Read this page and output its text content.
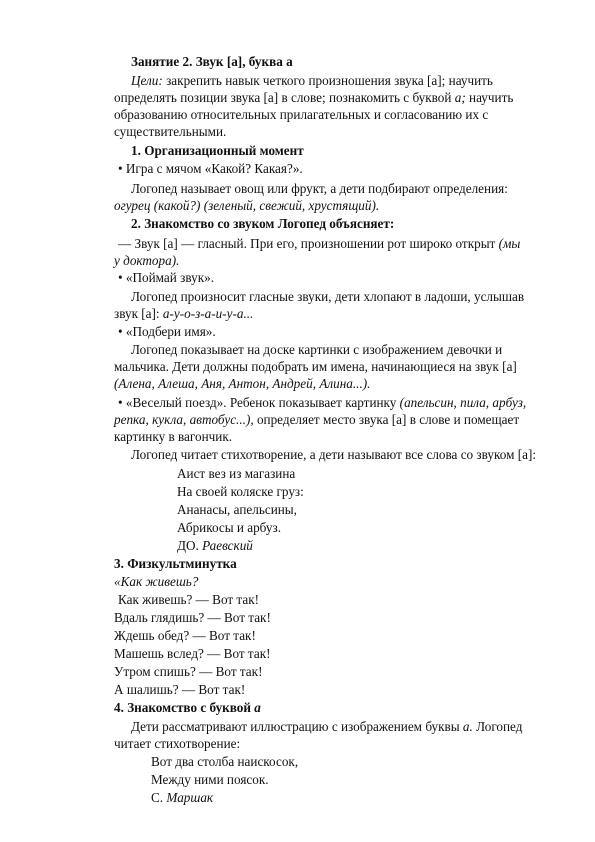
Занятие 2. Звук [а], буква а
Цели: закрепить навык четкого произношения звука [а]; научить
определять позиции звука [а] в слове; познакомить с буквой а; научить
образованию относительных прилагательных и согласованию их с
существительными.
1. Организационный момент
• Игра с мячом «Какой? Какая?».
Логопед называет овощ или фрукт, а дети подбирают определения:
огурец (какой?) (зеленый, свежий, хрустящий).
2. Знакомство со звуком Логопед объясняет:
— Звук [а] — гласный. При его, произношении рот широко открыт (мы
у доктора).
• «Поймай звук».
Логопед произносит гласные звуки, дети хлопают в ладоши, услышав
звук [а]: а-у-о-з-а-и-у-а...
• «Подбери имя».
Логопед показывает на доске картинки с изображением девочки и
мальчика. Дети должны подобрать им имена, начинающиеся на звук [а]
(Алена, Алеша, Аня, Антон, Андрей, Алина...).
• «Веселый поезд». Ребенок показывает картинку (апельсин, пила, арбуз,
репка, кукла, автобус...), определяет место звука [а] в слове и помещает
картинку в вагончик.
Логопед читает стихотворение, а дети называют все слова со звуком [а]:
Аист вез из магазина
На своей коляске груз:
Ананасы, апельсины,
Абрикосы и арбуз.
ДО. Раевский
3. Физкультминутка
«Как живешь?
Как живешь? — Вот так!
Вдаль глядишь? — Вот так!
Ждешь обед? — Вот так!
Машешь вслед? — Вот так!
Утром спишь? — Вот так!
А шалишь? — Вот так!
4. Знакомство с буквой а
Дети рассматривают иллюстрацию с изображением буквы а. Логопед
читает стихотворение:
Вот два столба наискосок,
Между ними поясок.
С. Маршак
